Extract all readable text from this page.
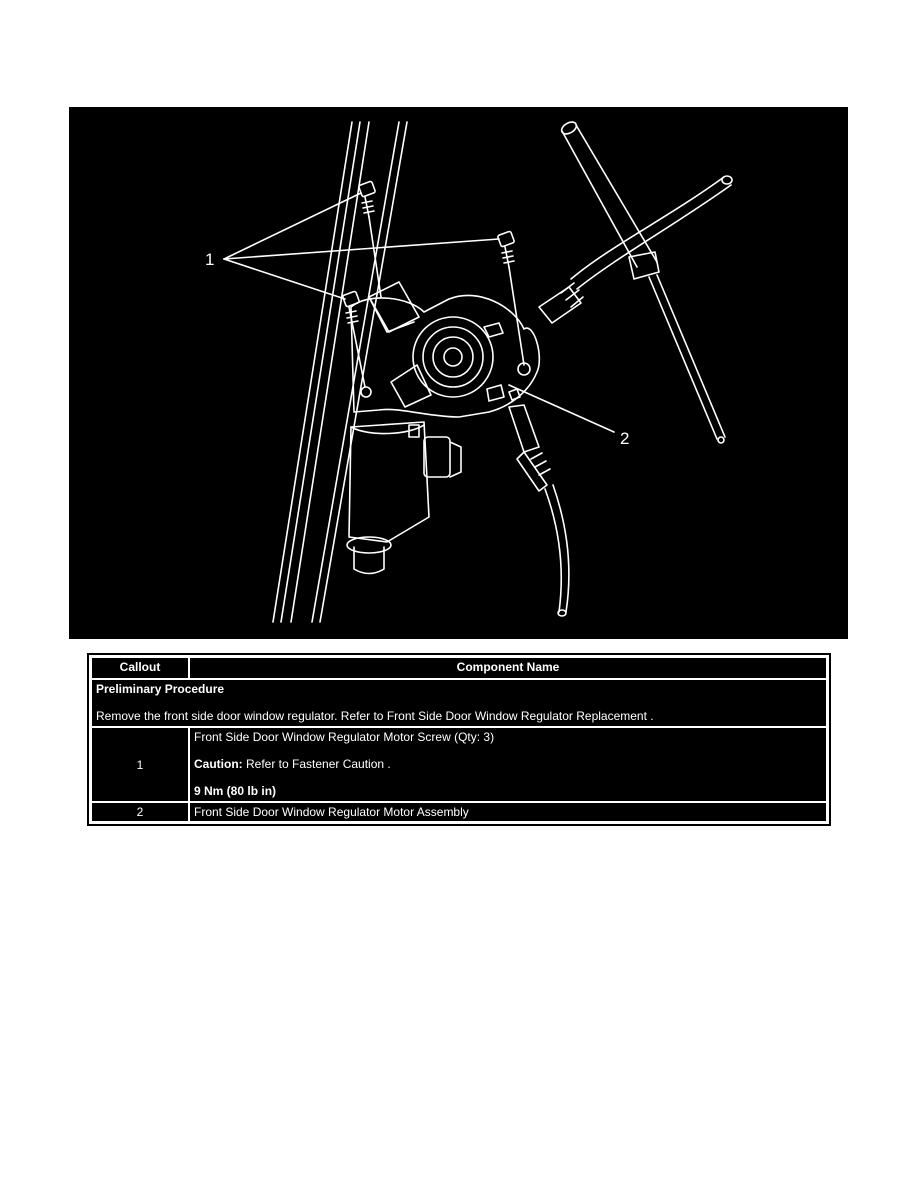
1
2
Callout	Component Name

Preliminary Procedure
Remove the front side door window regulator. Refer to Front Side Door Window Regulator Replacement .	

1	Front Side Door Window Regulator Motor Screw (Qty: 3)
Caution: Refer to Fastener Caution .
9 Nm (80 lb in)

2	Front Side Door Window Regulator Motor Assembly
